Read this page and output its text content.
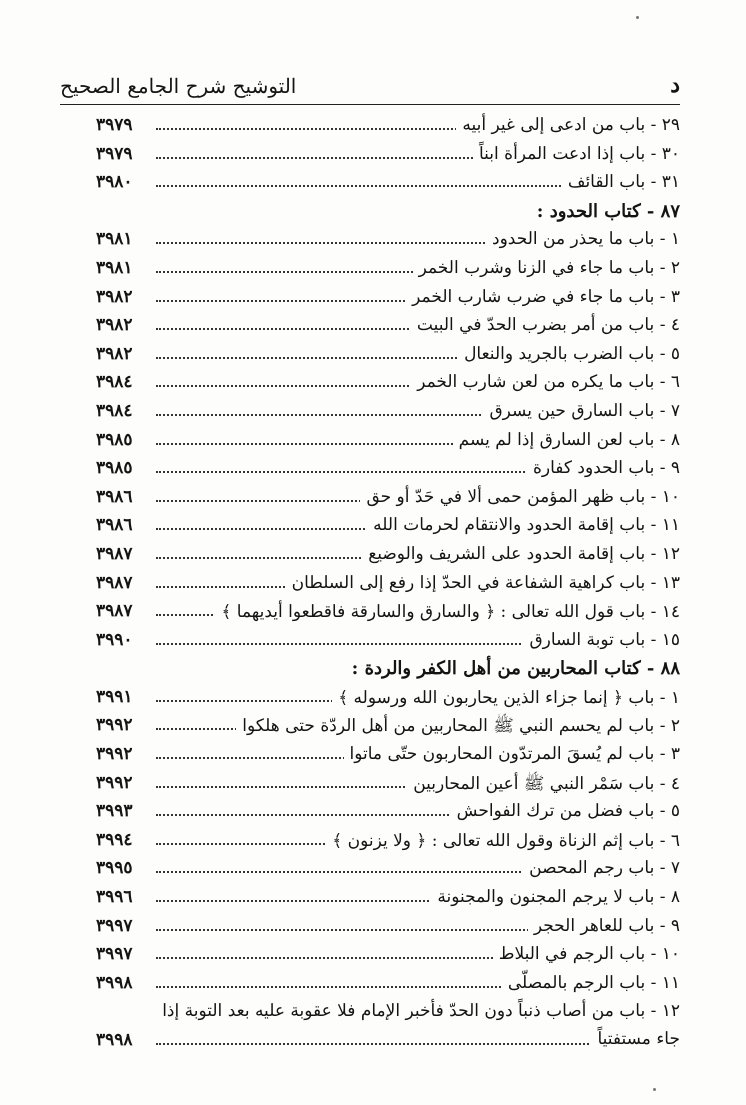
د
التوشيح شرح الجامع الصحيح
٢٩ - باب من ادعى إلى غير أبيه
٣٩٧٩
٣٠ - باب إذا ادعت المرأة ابناً
٣٩٧٩
٣١ - باب القائف
٣٩٨٠
٨٧ - كتاب الحدود :
١ - باب ما يحذر من الحدود
٣٩٨١
٢ - باب ما جاء في الزنا وشرب الخمر
٣٩٨١
٣ - باب ما جاء في ضرب شارب الخمر
٣٩٨٢
٤ - باب من أمر بضرب الحدّ في البيت
٣٩٨٢
٥ - باب الضرب بالجريد والنعال
٣٩٨٢
٦ - باب ما يكره من لعن شارب الخمر
٣٩٨٤
٧ - باب السارق حين يسرق
٣٩٨٤
٨ - باب لعن السارق إذا لم يسم
٣٩٨٥
٩ - باب الحدود كفارة
٣٩٨٥
١٠ - باب ظهر المؤمن حمى ألا في حَدّ أو حق
٣٩٨٦
١١ - باب إقامة الحدود والانتقام لحرمات الله
٣٩٨٦
١٢ - باب إقامة الحدود على الشريف والوضيع
٣٩٨٧
١٣ - باب كراهية الشفاعة في الحدّ إذا رفع إلى السلطان
٣٩٨٧
١٤ - باب قول الله تعالى : ﴿ والسارق والسارقة فاقطعوا أيديهما ﴾
٣٩٨٧
١٥ - باب توبة السارق
٣٩٩٠
٨٨ - كتاب المحاربين من أهل الكفر والردة :
١ - باب ﴿ إنما جزاء الذين يحاربون الله ورسوله ﴾
٣٩٩١
٢ - باب لم يحسم النبي ﷺ المحاربين من أهل الردّة حتى هلكوا
٣٩٩٢
٣ - باب لم يُسقَ المرتدّون المحاربون حتّى ماتوا
٣٩٩٢
٤ - باب سَمْر النبي ﷺ أعين المحاربين
٣٩٩٢
٥ - باب فضل من ترك الفواحش
٣٩٩٣
٦ - باب إثم الزناة وقول الله تعالى : ﴿ ولا يزنون ﴾
٣٩٩٤
٧ - باب رجم المحصن
٣٩٩٥
٨ - باب لا يرجم المجنون والمجنونة
٣٩٩٦
٩ - باب للعاهر الحجر
٣٩٩٧
١٠ - باب الرجم في البلاط
٣٩٩٧
١١ - باب الرجم بالمصلّى
٣٩٩٨
١٢ - باب من أصاب ذنباً دون الحدّ فأخبر الإمام فلا عقوبة عليه بعد التوبة إذا
جاء مستفتياً
٣٩٩٨
